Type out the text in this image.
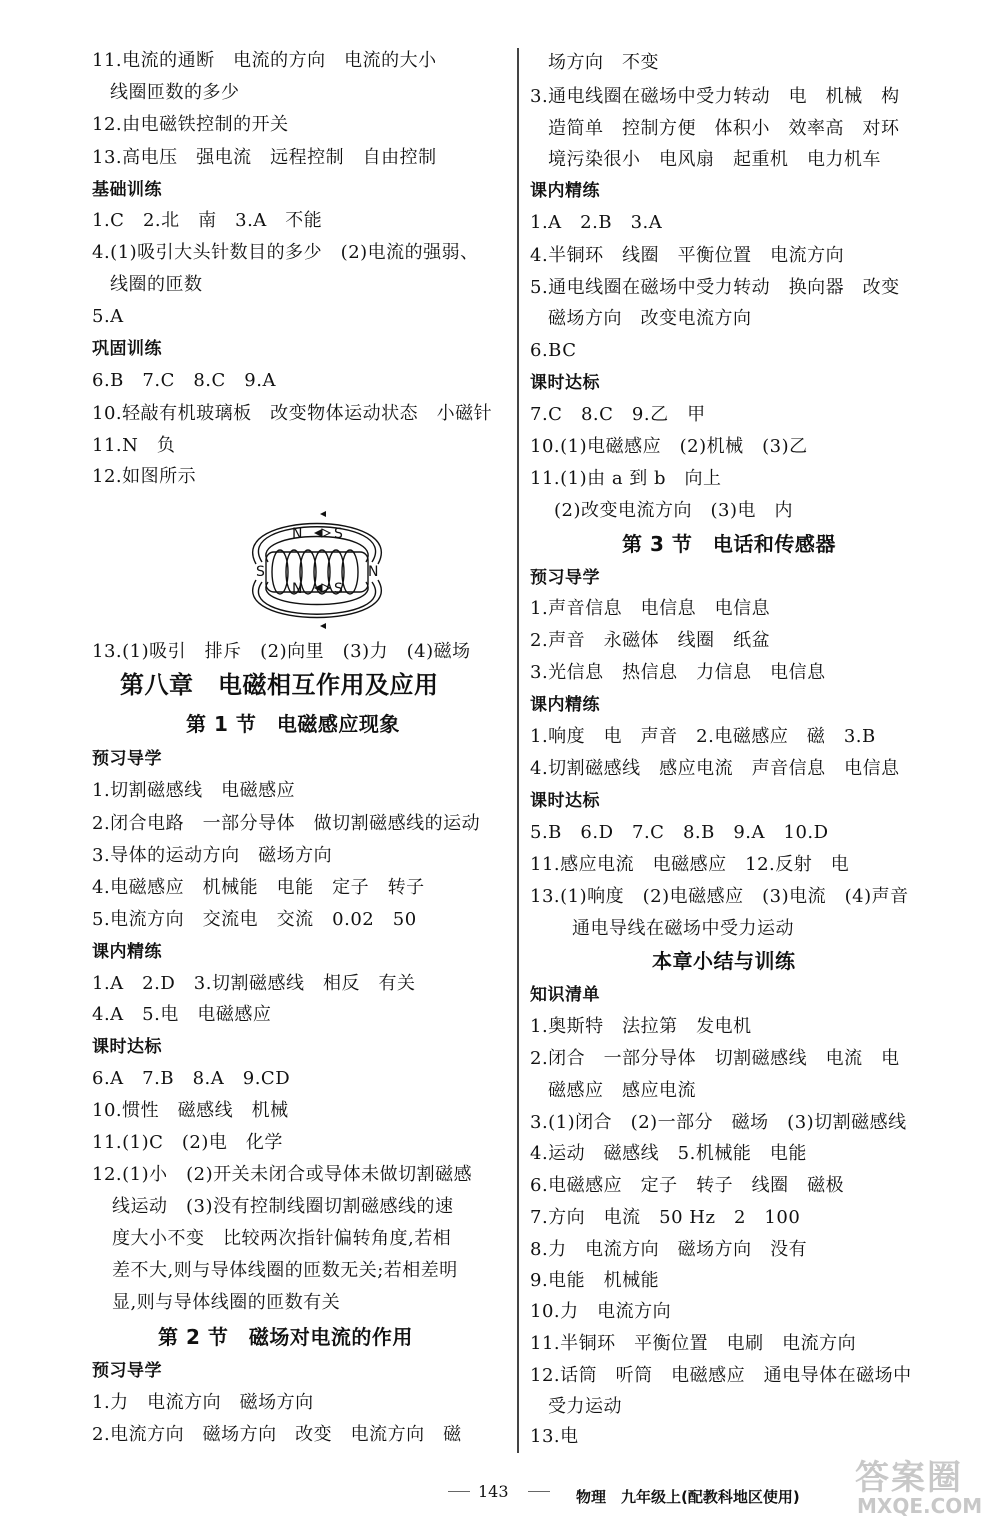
11.电流的通断　电流的方向　电流的大小
线圈匝数的多少
12.由电磁铁控制的开关
13.高电压　强电流　远程控制　自由控制
基础训练
1.C　2.北　南　3.A　不能
4.(1)吸引大头针数目的多少　(2)电流的强弱、
线圈的匝数
5.A
巩固训练
6.B　7.C　8.C　9.A
10.轻敲有机玻璃板　改变物体运动状态　小磁针
11.N　负
12.如图所示
N S
N S
S	N
13.(1)吸引　排斥　(2)向里　(3)力　(4)磁场
第八章　电磁相互作用及应用
第 1 节　电磁感应现象
预习导学
1.切割磁感线　电磁感应
2.闭合电路　一部分导体　做切割磁感线的运动
3.导体的运动方向　磁场方向
4.电磁感应　机械能　电能　定子　转子
5.电流方向　交流电　交流　0.02　50
课内精练
1.A　2.D　3.切割磁感线　相反　有关
4.A　5.电　电磁感应
课时达标
6.A　7.B　8.A　9.CD
10.惯性　磁感线　机械
11.(1)C　(2)电　化学
12.(1)小　(2)开关未闭合或导体未做切割磁感
线运动　(3)没有控制线圈切割磁感线的速
度大小不变　比较两次指针偏转角度,若相
差不大,则与导体线圈的匝数无关;若相差明
显,则与导体线圈的匝数有关
第 2 节　磁场对电流的作用
预习导学
1.力　电流方向　磁场方向
2.电流方向　磁场方向　改变　电流方向　磁
场方向　不变
3.通电线圈在磁场中受力转动　电　机械　构
造简单　控制方便　体积小　效率高　对环
境污染很小　电风扇　起重机　电力机车
课内精练
1.A　2.B　3.A
4.半铜环　线圈　平衡位置　电流方向
5.通电线圈在磁场中受力转动　换向器　改变
磁场方向　改变电流方向
6.BC
课时达标
7.C　8.C　9.乙　甲
10.(1)电磁感应　(2)机械　(3)乙
11.(1)由 a 到 b　向上
(2)改变电流方向　(3)电　内
第 3 节　电话和传感器
预习导学
1.声音信息　电信息　电信息
2.声音　永磁体　线圈　纸盆
3.光信息　热信息　力信息　电信息
课内精练
1.响度　电　声音　2.电磁感应　磁　3.B
4.切割磁感线　感应电流　声音信息　电信息
课时达标
5.B　6.D　7.C　8.B　9.A　10.D
11.感应电流　电磁感应　12.反射　电
13.(1)响度　(2)电磁感应　(3)电流　(4)声音
通电导线在磁场中受力运动
本章小结与训练
知识清单
1.奥斯特　法拉第　发电机
2.闭合　一部分导体　切割磁感线　电流　电
磁感应　感应电流
3.(1)闭合　(2)一部分　磁场　(3)切割磁感线
4.运动　磁感线　5.机械能　电能
6.电磁感应　定子　转子　线圈　磁极
7.方向　电流　50 Hz　2　100
8.力　电流方向　磁场方向　没有
9.电能　机械能
10.力　电流方向
11.半铜环　平衡位置　电刷　电流方向
12.话筒　听筒　电磁感应　通电导体在磁场中
受力运动
13.电
143	物理　九年级上(配教科地区使用) 答案圈
MXQE.COM
